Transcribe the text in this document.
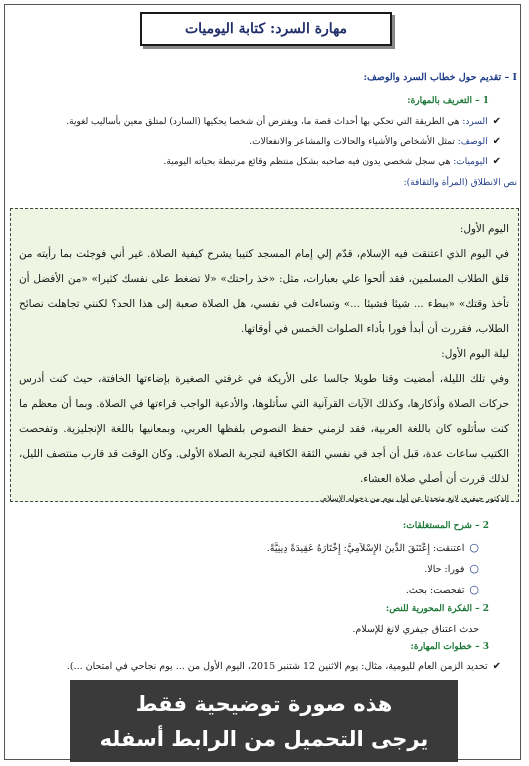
مهارة السرد: كتابة اليوميات
I – تقديم حول خطاب السرد والوصف:
1 – التعريف بالمهارة:
✔السرد: هي الطريقة التي تحكي بها أحداث قصة ما، ويفترض أن شخصا يحكيها (السارد) لمتلق معين بأساليب لغوية.
✔الوصف: تمثل الأشخاص والأشياء والحالات والمشاعر والانفعالات.
✔اليوميات: هي سجل شخصي يدون فيه صاحبه بشكل منتظم وقائع مرتبطة بحياته اليومية.
نص الانطلاق (المرأة والثقافة):

اليوم الأول:

في اليوم الذي اعتنقت فيه الإسلام، قدّم إلي إمام المسجد كتيبا يشرح كيفية الصلاة. غير أني فوجئت بما رأيته من قلق الطلاب المسلمين، فقد ألحوا علي بعبارات، مثل: «خذ راحتك» «لا تضغط على نفسك كثيرا» «من الأفضل أن تأخذ وقتك» «ببطء ... شيئا فشيئا ...» وتساءلت في نفسي، هل الصلاة صعبة إلى هذا الحد؟ لكنني تجاهلت نصائح الطلاب، فقررت أن أبدأ فورا بأداء الصلوات الخمس في أوقاتها.

ليلة اليوم الأول:

وفي تلك الليلة، أمضيت وقتا طويلا جالسا على الأريكة في غرفتي الصغيرة بإضاءتها الخافتة، حيث كنت أدرس حركات الصلاة وأذكارها، وكذلك الآيات القرآنية التي سأتلوها، والأدعية الواجب قراءتها في الصلاة. وبما أن معظم ما كنت سأتلوه كان باللغة العربية، فقد لزمني حفظ النصوص بلفظها العربي، وبمعانيها باللغة الإنجليزية. وتفحصت الكتيب ساعات عدة، قبل أن أجد في نفسي الثقة الكافية لتجربة الصلاة الأولى. وكان الوقت قد قارب منتصف الليل، لذلك قررت أن أصلي صلاة العشاء.

الدكتور جيفري لانغ متحدثا عن أول يوم من دخوله الإسلام.

2 – شرح المستغلقات:
○اعتنقت: إِعْتَنَقَ الدِّينَ الإِسْلاَمِيَّ: إِخْتَارَهُ عَقِيدَةً دِينِيَّةً.
○فورا: حالا.
○تفحصت: بحث.
2 – الفكرة المحورية للنص:
حدث اعتناق جيفري لانغ للإسلام.
3 – خطوات المهارة:
✔تحديد الزمن العام لليومية، مثال: يوم الاثنين 12 شتنبر 2015، اليوم الأول من ... يوم نجاحي في امتحان ...).
هذه صورة توضيحية فقط
يرجى التحميل من الرابط أسفله
